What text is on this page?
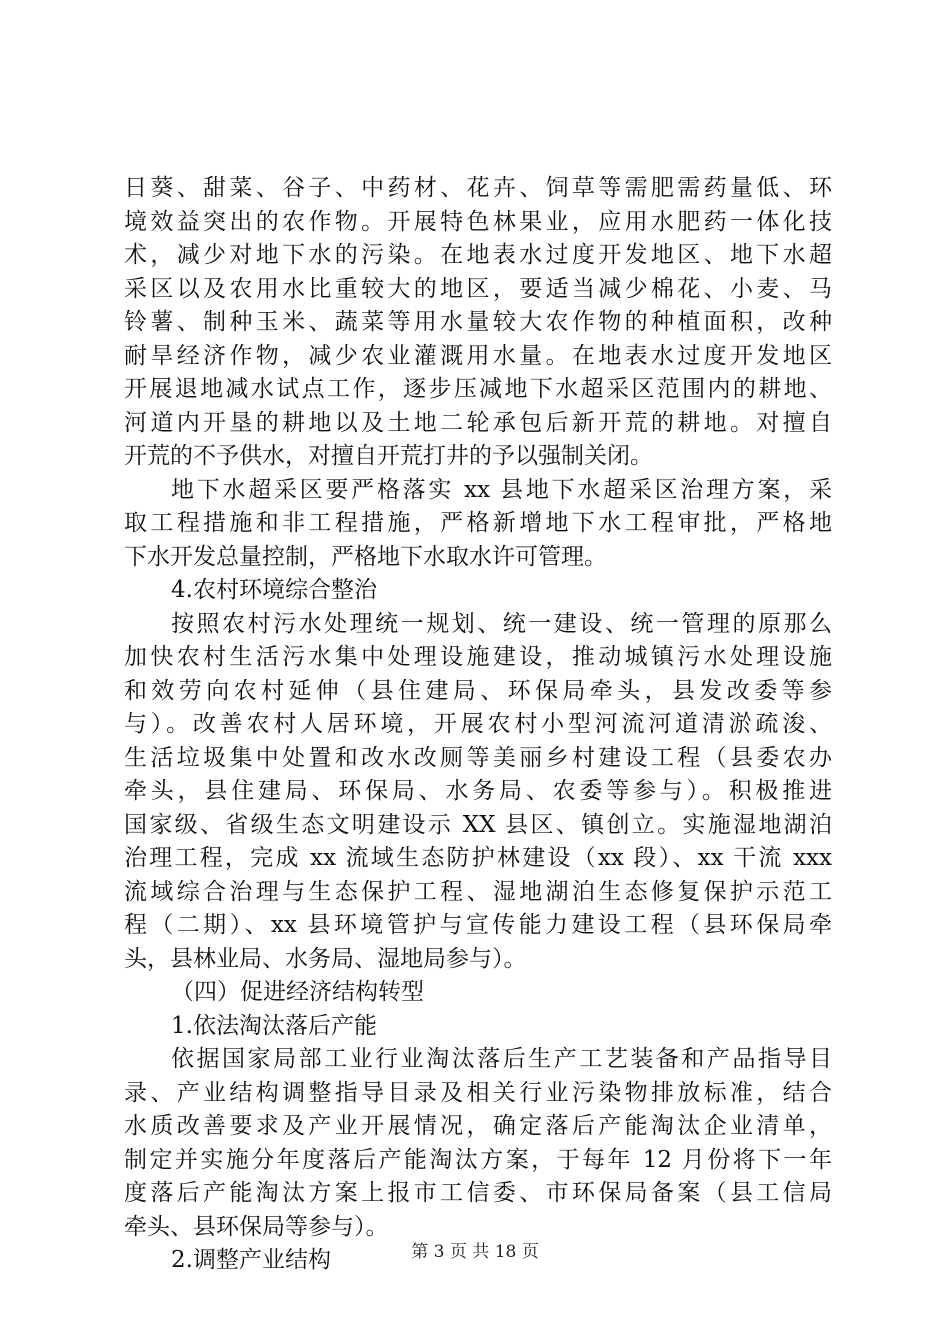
日葵、甜菜、谷子、中药材、花卉、饲草等需肥需药量低、环
境效益突出的农作物。开展特色林果业，应用水肥药一体化技
术，减少对地下水的污染。在地表水过度开发地区、地下水超
采区以及农用水比重较大的地区，要适当减少棉花、小麦、马
铃薯、制种玉米、蔬菜等用水量较大农作物的种植面积，改种
耐旱经济作物，减少农业灌溉用水量。在地表水过度开发地区
开展退地减水试点工作，逐步压减地下水超采区范围内的耕地、
河道内开垦的耕地以及土地二轮承包后新开荒的耕地。对擅自
开荒的不予供水，对擅自开荒打井的予以强制关闭。
地下水超采区要严格落实 xx 县地下水超采区治理方案，采
取工程措施和非工程措施，严格新增地下水工程审批，严格地
下水开发总量控制，严格地下水取水许可管理。
4.农村环境综合整治
按照农村污水处理统一规划、统一建设、统一管理的原那么
加快农村生活污水集中处理设施建设，推动城镇污水处理设施
和效劳向农村延伸（县住建局、环保局牵头，县发改委等参
与）。改善农村人居环境，开展农村小型河流河道清淤疏浚、
生活垃圾集中处置和改水改厕等美丽乡村建设工程（县委农办
牵头，县住建局、环保局、水务局、农委等参与）。积极推进
国家级、省级生态文明建设示 XX 县区、镇创立。实施湿地湖泊
治理工程，完成 xx 流域生态防护林建设（xx 段）、xx 干流 xxx
流域综合治理与生态保护工程、湿地湖泊生态修复保护示范工
程（二期）、xx 县环境管护与宣传能力建设工程（县环保局牵
头，县林业局、水务局、湿地局参与）。
（四）促进经济结构转型
1.依法淘汰落后产能
依据国家局部工业行业淘汰落后生产工艺装备和产品指导目
录、产业结构调整指导目录及相关行业污染物排放标准，结合
水质改善要求及产业开展情况，确定落后产能淘汰企业清单，
制定并实施分年度落后产能淘汰方案，于每年 12 月份将下一年
度落后产能淘汰方案上报市工信委、市环保局备案（县工信局
牵头、县环保局等参与）。
2.调整产业结构	第 3 页 共 18 页
